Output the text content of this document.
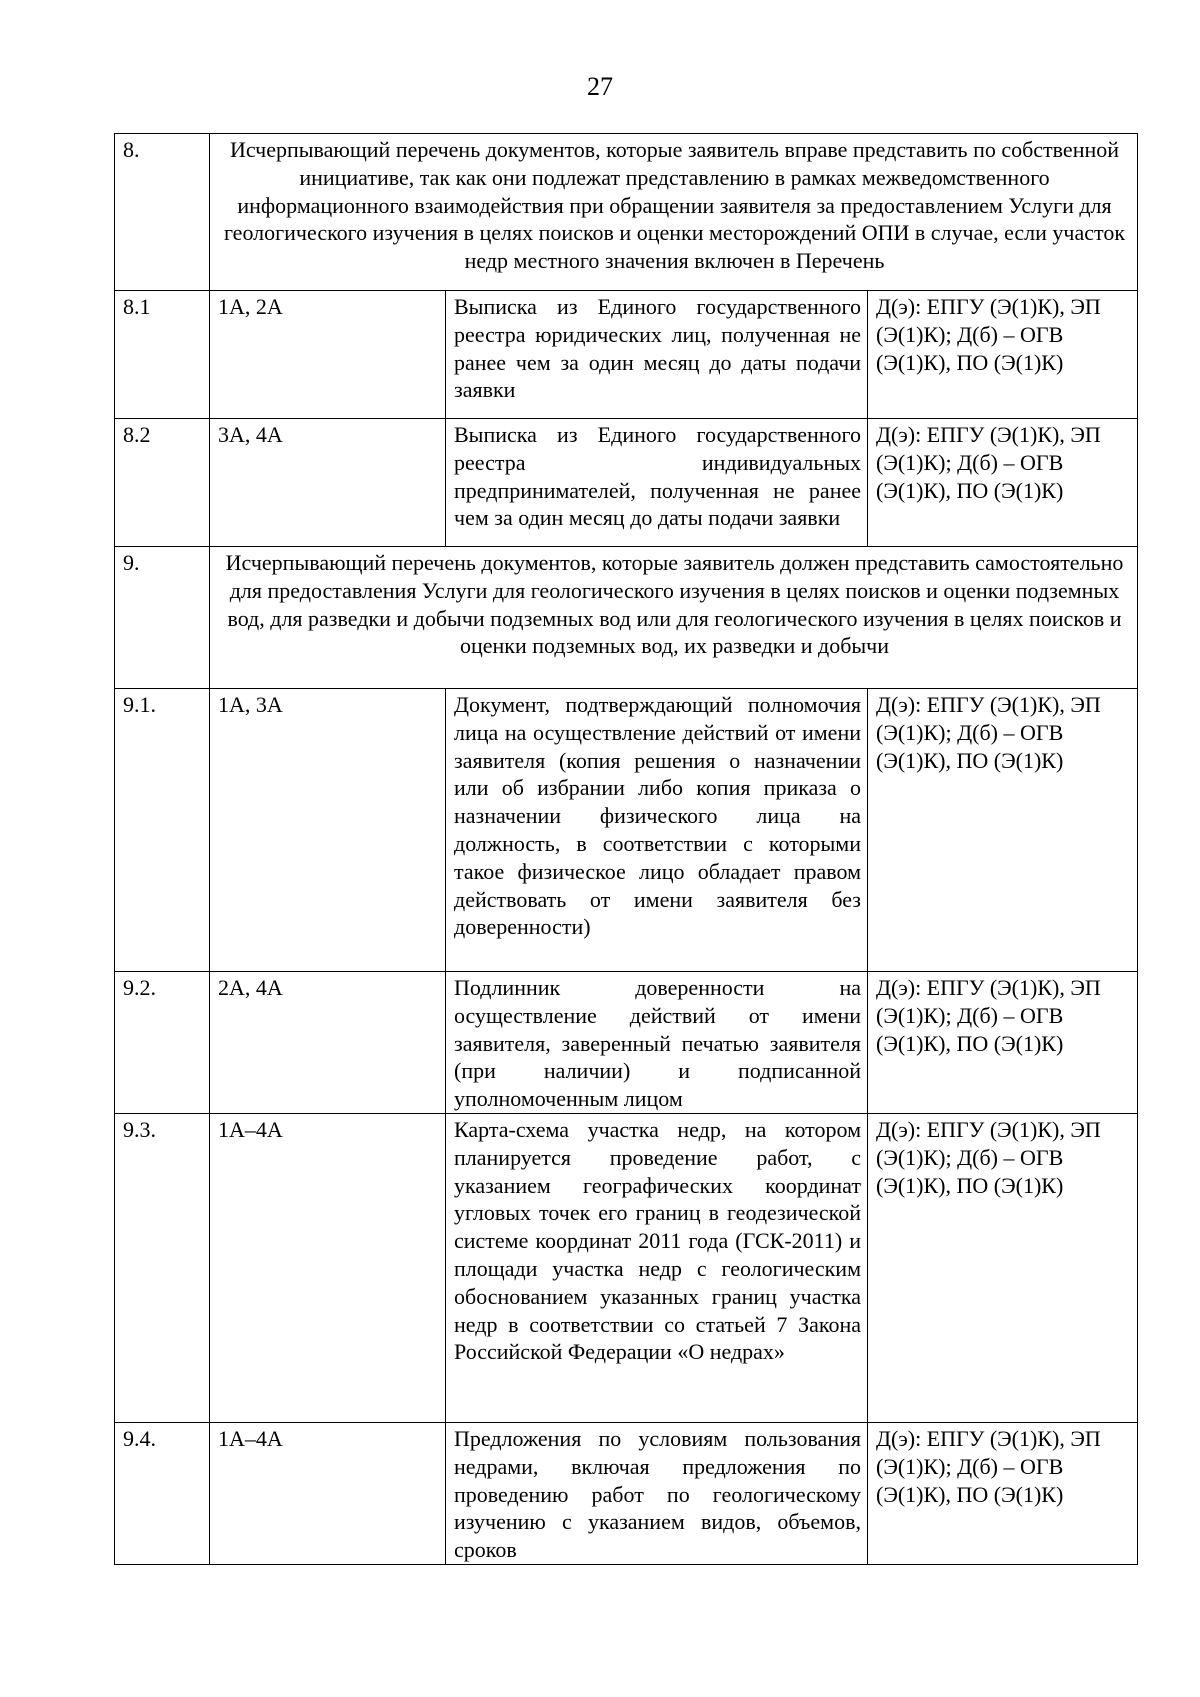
27
8.	Исчерпывающий перечень документов, которые заявитель вправе представить по собственной инициативе, так как они подлежат представлению в рамках межведомственного информационного взаимодействия при обращении заявителя за предоставлением Услуги для геологического изучения в целях поисков и оценки месторождений ОПИ в случае, если участок недр местного значения включен в Перечень		
8.1	1А, 2А	Выписка из Единого государственного реестра юридических лиц, полученная не ранее чем за один месяц до даты подачи заявки	Д(э): ЕПГУ (Э(1)К), ЭП (Э(1)К); Д(б) – ОГВ (Э(1)К), ПО (Э(1)К)
8.2	3А, 4А	Выписка из Единого государственного реестра индивидуальных предпринимателей, полученная не ранее чем за один месяц до даты подачи заявки	Д(э): ЕПГУ (Э(1)К), ЭП (Э(1)К); Д(б) – ОГВ (Э(1)К), ПО (Э(1)К)
9.	Исчерпывающий перечень документов, которые заявитель должен представить самостоятельно для предоставления Услуги для геологического изучения в целях поисков и оценки подземных вод, для разведки и добычи подземных вод или для геологического изучения в целях поисков и оценки подземных вод, их разведки и добычи		
9.1.	1А, 3А	Документ, подтверждающий полномочия лица на осуществление действий от имени заявителя (копия решения о назначении или об избрании либо копия приказа о назначении физического лица на должность, в соответствии с которыми такое физическое лицо обладает правом действовать от имени заявителя без доверенности)	Д(э): ЕПГУ (Э(1)К), ЭП (Э(1)К); Д(б) – ОГВ (Э(1)К), ПО (Э(1)К)
9.2.	2А, 4А	Подлинник доверенности на осуществление действий от имени заявителя, заверенный печатью заявителя (при наличии) и подписанной уполномоченным лицом	Д(э): ЕПГУ (Э(1)К), ЭП (Э(1)К); Д(б) – ОГВ (Э(1)К), ПО (Э(1)К)
9.3.	1А–4А	Карта-схема участка недр, на котором планируется проведение работ, с указанием географических координат угловых точек его границ в геодезической системе координат 2011 года (ГСК-2011) и площади участка недр с геологическим обоснованием указанных границ участка недр в соответствии со статьей 7 Закона Российской Федерации «О недрах»	Д(э): ЕПГУ (Э(1)К), ЭП (Э(1)К); Д(б) – ОГВ (Э(1)К), ПО (Э(1)К)
9.4.	1А–4А	Предложения по условиям пользования недрами, включая предложения по проведению работ по геологическому изучению с указанием видов, объемов, сроков	Д(э): ЕПГУ (Э(1)К), ЭП (Э(1)К); Д(б) – ОГВ (Э(1)К), ПО (Э(1)К)
